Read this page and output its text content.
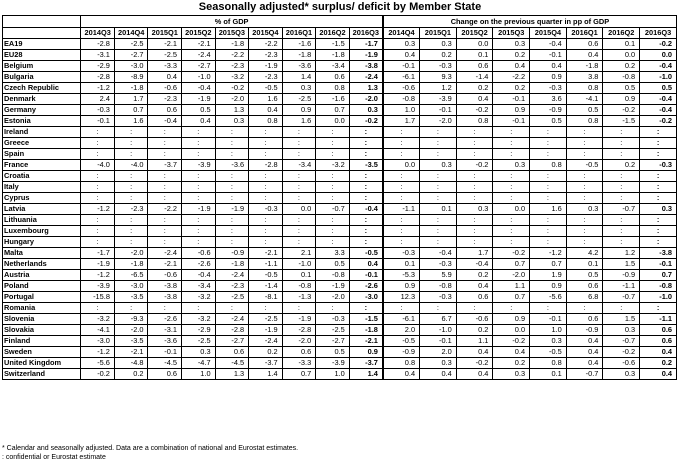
Seasonally adjusted* surplus/ deficit by Member State
	% of GDP									Change on the previous quarter in pp of GDP							
	2014Q3	2014Q4	2015Q1	2015Q2	2015Q3	2015Q4	2016Q1	2016Q2	2016Q3	2014Q4	2015Q1	2015Q2	2015Q3	2015Q4	2016Q1	2016Q2	2016Q3
EA19	-2.8	-2.5	-2.1	-2.1	-1.8	-2.2	-1.6	-1.5	-1.7	0.3	0.3	0.0	0.3	-0.4	0.6	0.1	-0.2
EU28	-3.1	-2.7	-2.5	-2.4	-2.2	-2.3	-1.8	-1.8	-1.9	0.4	0.2	0.1	0.2	-0.1	0.4	0.0	0.0
Belgium	-2.9	-3.0	-3.3	-2.7	-2.3	-1.9	-3.6	-3.4	-3.8	-0.1	-0.3	0.6	0.4	0.4	-1.8	0.2	-0.4
Bulgaria	-2.8	-8.9	0.4	-1.0	-3.2	-2.3	1.4	0.6	-2.4	-6.1	9.3	-1.4	-2.2	0.9	3.8	-0.8	-1.0
Czech Republic	-1.2	-1.8	-0.6	-0.4	-0.2	-0.5	0.3	0.8	1.3	-0.6	1.2	0.2	0.2	-0.3	0.8	0.5	0.5
Denmark	2.4	1.7	-2.3	-1.9	-2.0	1.6	-2.5	-1.6	-2.0	-0.8	-3.9	0.4	-0.1	3.6	-4.1	0.9	-0.4
Germany	-0.3	0.7	0.6	0.5	1.3	0.4	0.9	0.7	0.3	1.0	-0.1	-0.2	0.9	-0.9	0.5	-0.2	-0.4
Estonia	-0.1	1.6	-0.4	0.4	0.3	0.8	1.6	0.0	-0.2	1.7	-2.0	0.8	-0.1	0.5	0.8	-1.5	-0.2
Ireland	:	:	:	:	:	:	:	:	:	:	:	:	:	:	:	:	:
Greece	:	:	:	:	:	:	:	:	:	:	:	:	:	:	:	:	:
Spain	:	:	:	:	:	:	:	:	:	:	:	:	:	:	:	:	:
France	-4.0	-4.0	-3.7	-3.9	-3.6	-2.8	-3.4	-3.2	-3.5	0.0	0.3	-0.2	0.3	0.8	-0.5	0.2	-0.3
Croatia	:	:	:	:	:	:	:	:	:	:	:	:	:	:	:	:	:
Italy	:	:	:	:	:	:	:	:	:	:	:	:	:	:	:	:	:
Cyprus	:	:	:	:	:	:	:	:	:	:	:	:	:	:	:	:	:
Latvia	-1.2	-2.3	-2.2	-1.9	-1.9	-0.3	0.0	-0.7	-0.4	-1.1	0.1	0.3	0.0	1.6	0.3	-0.7	0.3
Lithuania	:	:	:	:	:	:	:	:	:	:	:	:	:	:	:	:	:
Luxembourg	:	:	:	:	:	:	:	:	:	:	:	:	:	:	:	:	:
Hungary	:	:	:	:	:	:	:	:	:	:	:	:	:	:	:	:	:
Malta	-1.7	-2.0	-2.4	-0.6	-0.9	-2.1	2.1	3.3	-0.5	-0.3	-0.4	1.7	-0.2	-1.2	4.2	1.2	-3.8
Netherlands	-1.9	-1.8	-2.1	-2.6	-1.8	-1.1	-1.0	0.5	0.4	0.1	-0.3	-0.4	0.7	0.7	0.1	1.5	-0.1
Austria	-1.2	-6.5	-0.6	-0.4	-2.4	-0.5	0.1	-0.8	-0.1	-5.3	5.9	0.2	-2.0	1.9	0.5	-0.9	0.7
Poland	-3.9	-3.0	-3.8	-3.4	-2.3	-1.4	-0.8	-1.9	-2.6	0.9	-0.8	0.4	1.1	0.9	0.6	-1.1	-0.8
Portugal	-15.8	-3.5	-3.8	-3.2	-2.5	-8.1	-1.3	-2.0	-3.0	12.3	-0.3	0.6	0.7	-5.6	6.8	-0.7	-1.0
Romania	:	:	:	:	:	:	:	:	:	:	:	:	:	:	:	:	:
Slovenia	-3.2	-9.3	-2.6	-3.2	-2.4	-2.5	-1.9	-0.3	-1.5	-6.1	6.7	-0.6	0.9	-0.1	0.6	1.5	-1.1
Slovakia	-4.1	-2.0	-3.1	-2.9	-2.8	-1.9	-2.8	-2.5	-1.8	2.0	-1.0	0.2	0.0	1.0	-0.9	0.3	0.6
Finland	-3.0	-3.5	-3.6	-2.5	-2.7	-2.4	-2.0	-2.7	-2.1	-0.5	-0.1	1.1	-0.2	0.3	0.4	-0.7	0.6
Sweden	-1.2	-2.1	-0.1	0.3	0.6	0.2	0.6	0.5	0.9	-0.9	2.0	0.4	0.4	-0.5	0.4	-0.2	0.4
United Kingdom	-5.6	-4.8	-4.5	-4.7	-4.5	-3.7	-3.3	-3.9	-3.7	0.8	0.3	-0.2	0.2	0.8	0.4	-0.6	0.2
Switzerland	-0.2	0.2	0.6	1.0	1.3	1.4	0.7	1.0	1.4	0.4	0.4	0.4	0.3	0.1	-0.7	0.3	0.4
* Calendar and seasonally adjusted. Data are a combination of national and Eurostat estimates.
: confidential or Eurostat estimate
